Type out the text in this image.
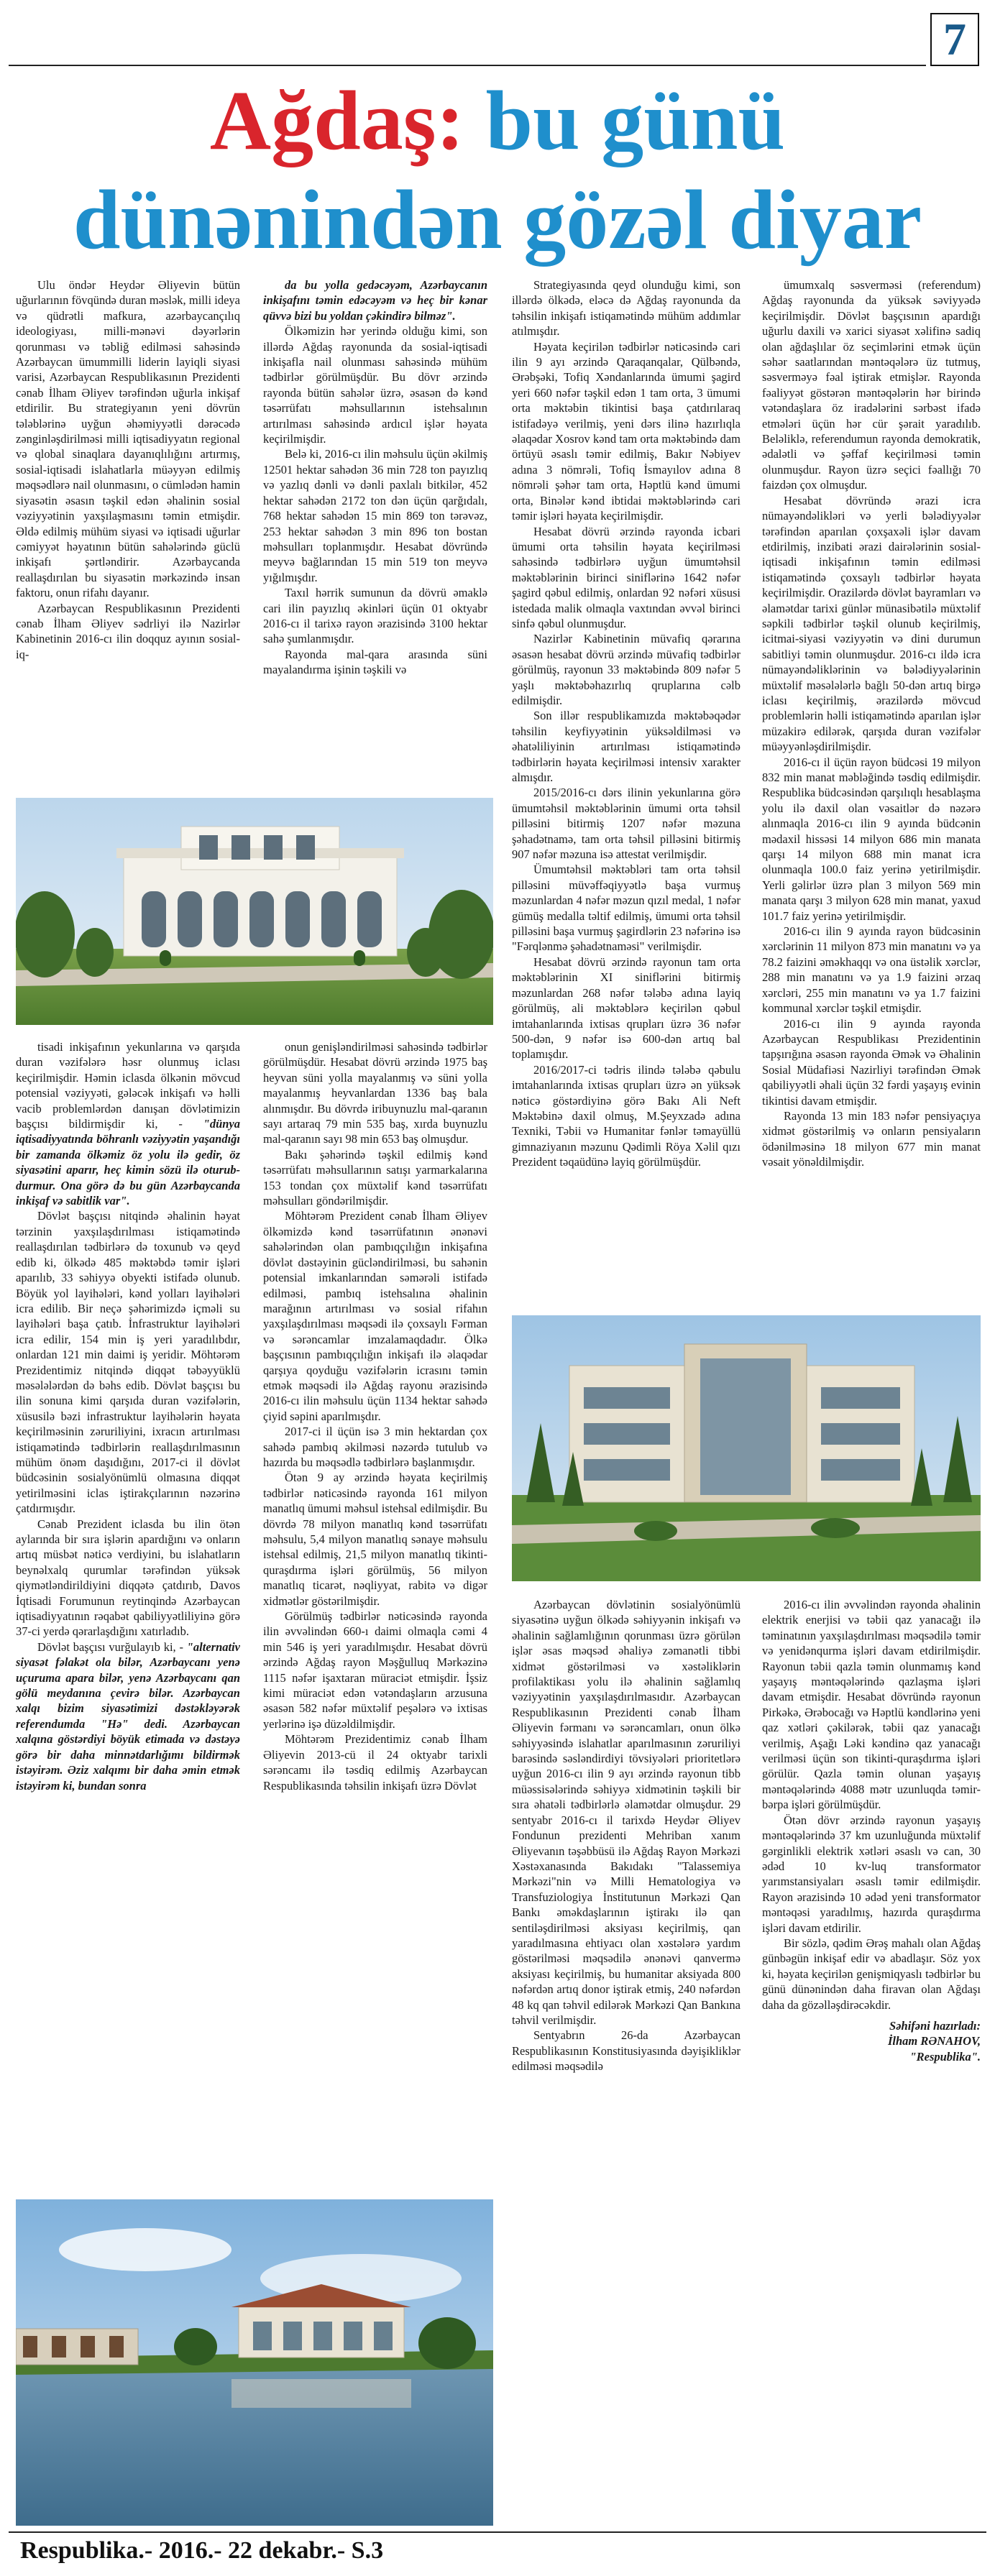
7
Ağdaş: bu günü
dünənindən gözəl diyar

Ulu öndər Heydər Əliyevin bütün uğurlarının fövqündə duran məslək, milli ideya və qüdrətli mafkura, azərbaycançılıq ideologiyası, milli-mənəvi dəyərlərin qorunması və təbliğ edilməsi sahəsində Azərbaycan ümummilli liderin layiqli siyasi varisi, Azərbaycan Respublikasının Prezidenti cənab İlham Əliyev tərəfindən uğurla inkişaf etdirilir. Bu strategiyanın yeni dövrün tələblərinə uyğun əhəmiyyətli dərəcədə zənginləşdirilməsi milli iqtisadiyyatın regional və qlobal sinaqlara dayanıqlılığını artırmış, sosial-iqtisadi islahatlarla müəyyən edilmiş məqsədlərə nail olunmasını, o cümlədən hamin siyasətin əsasın təşkil edən əhalinin sosial vəziyyətinin yaxşılaşmasını təmin etmişdir. Əldə edilmiş mühüm siyasi və iqtisadi uğurlar cəmiyyət həyatının bütün sahələrində güclü inkişafı şərtləndirir. Azərbaycanda reallaşdırılan bu siyasətin mərkəzində insan faktoru, onun rifahı dayanır.

Azərbaycan Respublikasının Prezidenti cənab İlham Əliyev sədrliyi ilə Nazirlər Kabinetinin 2016-cı ilin doqquz ayının sosial-iq-

da bu yolla gedəcəyəm, Azərbaycanın inkişafını təmin edəcəyəm və heç bir kənar qüvvə bizi bu yoldan çəkindirə bilməz".

Ölkəmizin hər yerində olduğu kimi, son illərdə Ağdaş rayonunda da sosial-iqtisadi inkişafla nail olunması sahəsində mühüm tədbirlər görülmüşdür. Bu dövr ərzində rayonda bütün sahələr üzrə, əsasən də kənd təsərrüfatı məhsullarının istehsalının artırılması sahəsində ardıcıl işlər həyata keçirilmişdir.

Belə ki, 2016-cı ilin məhsulu üçün əkilmiş 12501 hektar sahədən 36 min 728 ton payızlıq və yazlıq dənli və dənli paxlalı bitkilər, 452 hektar sahədən 2172 ton dən üçün qarğıdalı, 768 hektar sahədən 15 min 869 ton tərəvəz, 253 hektar sahədən 3 min 896 ton bostan məhsulları toplanmışdır. Hesabat dövründə meyvə bağlarından 15 min 519 ton meyvə yığılmışdır.

Taxıl hərrik sumunun da dövrü əmaklə cari ilin payızlıq əkinləri üçün 01 oktyabr 2016-cı il tarixə rayon ərazisində 3100 hektar sahə şumlanmışdır.

Rayonda mal-qara arasında süni mayalandırma işinin təşkili və

Strategiyasında qeyd olunduğu kimi, son illərdə ölkədə, eləcə də Ağdaş rayonunda da təhsilin inkişafı istiqamətində mühüm addımlar atılmışdır.

Həyata keçirilən tədbirlər nəticəsində cari ilin 9 ayı ərzində Qaraqanqalar, Qülbəndə, Ərəbşəki, Tofiq Xəndanlarında ümumi şagird yeri 660 nəfər təşkil edən 1 tam orta, 3 ümumi orta məktəbin tikintisi başa çatdırılaraq istifadəyə verilmiş, yeni dərs ilinə hazırlıqla əlaqədar Xosrov kənd tam orta məktəbində dam örtüyü əsaslı təmir edilmiş, Bakır Nəbiyev adına 3 nömrəli, Tofiq İsmayılov adına 8 nömrəli şəhər tam orta, Həptlü kənd ümumi orta, Binələr kənd ibtidai məktəblərində cari təmir işləri həyata keçirilmişdir.

Hesabat dövrü ərzində rayonda icbari ümumi orta təhsilin həyata keçirilməsi sahəsində tədbirlərə uyğun ümumtəhsil məktəblərinin birinci siniflərinə 1642 nəfər şagird qəbul edilmiş, onlardan 92 nəfəri xüsusi istedada malik olmaqla vaxtından əvvəl birinci sinfə qəbul olunmuşdur.

Nazirlər Kabinetinin müvafiq qərarına əsasən hesabat dövrü ərzində müvafiq tədbirlər görülmüş, rayonun 33 məktəbində 809 nəfər 5 yaşlı məktəbəhazırlıq qruplarına cəlb edilmişdir.

Son illər respublikamızda məktəbəqədər təhsilin keyfiyyətinin yüksəldilməsi və əhatəliliyinin artırılması istiqamətində tədbirlərin həyata keçirilməsi intensiv xarakter almışdır.

2015/2016-cı dərs ilinin yekunlarına görə ümumtəhsil məktəblərinin ümumi orta təhsil pilləsini bitirmiş 1207 nəfər məzuna şəhadətnamə, tam orta təhsil pilləsini bitirmiş 907 nəfər məzuna isə attestat verilmişdir.

Ümumtəhsil məktəbləri tam orta təhsil pilləsini müvəffəqiyyətlə başa vurmuş məzunlardan 4 nəfər məzun qızıl medal, 1 nəfər gümüş medalla təltif edilmiş, ümumi orta təhsil pilləsini başa vurmuş şagirdlərin 23 nəfərinə isə "Fərqlənmə şəhadətnaməsi" verilmişdir.

Hesabat dövrü ərzində rayonun tam orta məktəblərinin XI siniflərini bitirmiş məzunlardan 268 nəfər tələbə adına layiq görülmüş, ali məktəblərə keçirilən qəbul imtahanlarında ixtisas qrupları üzrə 36 nəfər 500-dən, 9 nəfər isə 600-dən artıq bal toplamışdır.

2016/2017-ci tədris ilində tələbə qəbulu imtahanlarında ixtisas qrupları üzrə ən yüksək nəticə göstərdiyinə görə Bakı Ali Neft Məktəbinə daxil olmuş, M.Şeyxzadə adına Texniki, Təbii və Humanitar fənlər təmayüllü gimnaziyanın məzunu Qədimli Röya Xəlil qızı Prezident təqaüdünə layiq görülmüşdür.

ümumxalq səsverməsi (referendum) Ağdaş rayonunda da yüksək səviyyədə keçirilmişdir. Dövlət başçısının apardığı uğurlu daxili və xarici siyasət xəlifinə sadiq olan ağdaşlılar öz seçimlərini etmək üçün səhər saatlarından məntəqələrə üz tutmuş, səsverməyə fəal iştirak etmişlər. Rayonda fəaliyyət göstərən məntəqələrin hər birində vətəndaşlara öz iradələrini sərbəst ifadə etmələri üçün hər cür şərait yaradılıb. Beləliklə, referendumun rayonda demokratik, ədalətli və şəffaf keçirilməsi təmin olunmuşdur. Rayon üzrə seçici fəallığı 70 faizdən çox olmuşdur.

Hesabat dövründə ərazi icra nümayəndəlikləri və yerli bələdiyyələr tərəfindən aparılan çoxşaxəli işlər davam etdirilmiş, inzibati ərazi dairələrinin sosial-iqtisadi inkişafının təmin edilməsi istiqamətində çoxsaylı tədbirlər həyata keçirilmişdir. Orazilərdə dövlət bayramları və əlamətdar tarixi günlər münasibətilə müxtəlif səpkili tədbirlər təşkil olunub keçirilmiş, icitmai-siyasi vəziyyətin və dini durumun sabitliyi təmin olunmuşdur. 2016-cı ildə icra nümayəndəliklərinin və bələdiyyələrinin müxtəlif məsələlərlə bağlı 50-dən artıq birgə iclası keçirilmiş, ərazilərdə mövcud problemlərin həlli istiqamətində aparılan işlər müzakirə edilərək, qarşıda duran vəzifələr müəyyənləşdirilmişdir.

2016-cı il üçün rayon büdcəsi 19 milyon 832 min manat məbləğində təsdiq edilmişdir. Respublika büdcəsindən qarşılıqlı hesablaşma yolu ilə daxil olan vəsaitlər də nəzərə alınmaqla 2016-cı ilin 9 ayında büdcənin mədaxil hissəsi 14 milyon 686 min manata qarşı 14 milyon 688 min manat icra olunmaqla 100.0 faiz yerinə yetirilmişdir. Yerli gəlirlər üzrə plan 3 milyon 569 min manata qarşı 3 milyon 628 min manat, yaxud 101.7 faiz yerinə yetirilmişdir.

2016-cı ilin 9 ayında rayon büdcəsinin xərclərinin 11 milyon 873 min manatını və ya 78.2 faizini əməkhaqqı və ona üstəlik xərclər, 288 min manatını və ya 1.9 faizini ərzaq xərcləri, 255 min manatını və ya 1.7 faizini kommunal xərclər təşkil etmişdir.

2016-cı ilin 9 ayında rayonda Azərbaycan Respublikası Prezidentinin tapşırığına əsasən rayonda Əmək və Əhalinin Sosial Müdafiəsi Nazirliyi tərəfindən Əmək qabiliyyətli əhali üçün 32 fərdi yaşayış evinin tikintisi davam etmişdir.

Rayonda 13 min 183 nəfər pensiyaçıya xidmət göstərilmiş və onların pensiyaların ödənilməsinə 18 milyon 677 min manat vəsait yönəldilmişdir.

tisadi inkişafının yekunlarına və qarşıda duran vəzifələrə həsr olunmuş iclası keçirilmişdir. Həmin iclasda ölkənin mövcud potensial vəziyyəti, gələcək inkişafı və həlli vacib problemlərdən danışan dövlətimizin başçısı bildirmişdir ki, - "dünya iqtisadiyyatında böhranlı vəziyyətin yaşandığı bir zamanda ölkəmiz öz yolu ilə gedir, öz siyasətini aparır, heç kimin sözü ilə oturub-durmur. Ona görə də bu gün Azərbaycanda inkişaf və sabitlik var".

Dövlət başçısı nitqində əhalinin həyat tərzinin yaxşılaşdırılması istiqamətində reallaşdırılan tədbirlərə də toxunub və qeyd edib ki, ölkədə 485 məktəbdə təmir işləri aparılıb, 33 səhiyyə obyekti istifadə olunub. Böyük yol layihələri, kənd yolları layihələri icra edilib. Bir neçə şəhərimizdə içməli su layihələri başa çatıb. İnfrastruktur layihələri icra edilir, 154 min iş yeri yaradılıbdır, onlardan 121 min daimi iş yeridir. Möhtərəm Prezidentimiz nitqində diqqət təbəyyüklü məsələlərdən də bəhs edib. Dövlət başçısı bu ilin sonuna kimi qarşıda duran vəzifələrin, xüsusilə bəzi infrastruktur layihələrin həyata keçirilməsinin zəruriliyini, ixracın artırılması istiqamətində tədbirlərin reallaşdırılmasının mühüm önəm daşıdığını, 2017-ci il dövlət büdcəsinin sosialyönümlü olmasına diqqət yetirilməsini iclas iştirakçılarının nəzərinə çatdırmışdır.

Cənab Prezident iclasda bu ilin ötən aylarında bir sıra işlərin apardığını və onların artıq müsbət nəticə verdiyini, bu islahatların beynəlxalq qurumlar tərəfindən yüksək qiymətləndirildiyini diqqətə çatdırıb, Davos İqtisadi Forumunun reytinqində Azərbaycan iqtisadiyyatının rəqabət qabiliyyətliliyinə görə 37-ci yerdə qərarlaşdığını xatırladıb.

Dövlət başçısı vurğulayıb ki, - "alternativ siyasət fəlakət ola bilər, Azərbaycanı yenə uçuruma apara bilər, yenə Azərbaycanı qan gölü meydanına çevirə bilər. Azərbaycan xalqı bizim siyasətimizi dəstəkləyərək referendumda "Hə" dedi. Azərbaycan xalqına göstərdiyi böyük etimada və dəstəyə görə bir daha minnətdarlığımı bildirmək istəyirəm. Əziz xalqımı bir daha əmin etmək istəyirəm ki, bundan sonra

onun genişləndirilməsi sahəsində tədbirlər görülmüşdür. Hesabat dövrü ərzində 1975 baş heyvan süni yolla mayalanmış və süni yolla mayalanmış heyvanlardan 1336 baş bala alınmışdır. Bu dövrdə iribuynuzlu mal-qaranın sayı artaraq 79 min 535 baş, xırda buynuzlu mal-qaranın sayı 98 min 653 baş olmuşdur.

Bakı şəhərində təşkil edilmiş kənd təsərrüfatı məhsullarının satışı yarmarkalarına 153 tondan çox müxtəlif kənd təsərrüfatı məhsulları göndərilmişdir.

Möhtərəm Prezident cənab İlham Əliyev ölkəmizdə kənd təsərrüfatının ənənəvi sahələrindən olan pambıqçılığın inkişafına dövlət dəstəyinin gücləndirilməsi, bu sahənin potensial imkanlarından səmərəli istifadə edilməsi, pambıq istehsalına əhalinin marağının artırılması və sosial rifahın yaxşılaşdırılması məqsədi ilə çoxsaylı Fərman və sərəncamlar imzalamaqdadır. Ölkə başçısının pambıqçılığın inkişafı ilə əlaqədar qarşıya qoyduğu vəzifələrin icrasını təmin etmək məqsədi ilə Ağdaş rayonu ərazisində 2016-cı ilin məhsulu üçün 1134 hektar sahədə çiyid səpini aparılmışdır.

2017-ci il üçün isə 3 min hektardan çox sahədə pambıq əkilməsi nəzərdə tutulub və hazırda bu məqsədlə tədbirlərə başlanmışdır.

Ötən 9 ay ərzində həyata keçirilmiş tədbirlər nəticəsində rayonda 161 milyon manatlıq ümumi məhsul istehsal edilmişdir. Bu dövrdə 78 milyon manatlıq kənd təsərrüfatı məhsulu, 5,4 milyon manatlıq sənaye məhsulu istehsal edilmiş, 21,5 milyon manatlıq tikinti-quraşdırma işləri görülmüş, 56 milyon manatlıq ticarət, nəqliyyat, rabitə və digər xidmətlər göstərilmişdir.

Görülmüş tədbirlər nəticəsində rayonda ilin əvvəlindən 660-ı daimi olmaqla cəmi 4 min 546 iş yeri yaradılmışdır. Hesabat dövrü ərzində Ağdaş rayon Məşğulluq Mərkəzinə 1115 nəfər işaxtaran müraciət etmişdir. İşsiz kimi müraciət edən vətəndaşların arzusuna əsasən 582 nəfər müxtəlif peşələrə və ixtisas yerlərinə işə düzəldilmişdir.

Möhtərəm Prezidentimiz cənab İlham Əliyevin 2013-cü il 24 oktyabr tarixli sərəncamı ilə təsdiq edilmiş Azərbaycan Respublikasında təhsilin inkişafı üzrə Dövlət

Azərbaycan dövlətinin sosialyönümlü siyasətinə uyğun ölkədə səhiyyənin inkişafı və əhalinin sağlamlığının qorunması üzrə görülən işlər əsas məqsəd əhaliyə zəmanətli tibbi xidmət göstərilməsi və xəstəliklərin profilaktikası yolu ilə əhalinin sağlamlıq vəziyyətinin yaxşılaşdırılmasıdır. Azərbaycan Respublikasının Prezidenti cənab İlham Əliyevin fərmanı və sərəncamları, onun ölkə səhiyyəsində islahatlar aparılmasının zəruriliyi barəsində səsləndirdiyi tövsiyələri prioritetlərə uyğun 2016-cı ilin 9 ayı ərzində rayonun tibb müəssisələrində səhiyyə xidmətinin təşkili bir sıra əhatəli tədbirlərlə əlamətdar olmuşdur. 29 sentyabr 2016-cı il tarixdə Heydər Əliyev Fondunun prezidenti Mehriban xanım Əliyevanın təşəbbüsü ilə Ağdaş Rayon Mərkəzi Xəstəxanasında Bakıdakı "Talassemiya Mərkəzi"nin və Milli Hematologiya və Transfuziologiya İnstitutunun Mərkəzi Qan Bankı əməkdaşlarının iştirakı ilə qan sentiləşdirilməsi aksiyası keçirilmiş, qan yaradılmasına ehtiyacı olan xəstələrə yardım göstərilməsi məqsədilə ənənəvi qanvermə aksiyası keçirilmiş, bu humanitar aksiyada 800 nəfərdən artıq donor iştirak etmiş, 240 nəfərdən 48 kq qan təhvil edilərək Mərkəzi Qan Bankına təhvil verilmişdir.

Sentyabrın 26-da Azərbaycan Respublikasının Konstitusiyasında dəyişikliklər edilməsi məqsədilə

2016-cı ilin əvvəlindən rayonda əhalinin elektrik enerjisi və təbii qaz yanacağı ilə təminatının yaxşılaşdırılması məqsədilə təmir və yenidənqurma işləri davam etdirilmişdir. Rayonun təbii qazla təmin olunmamış kənd yaşayış məntəqələrində qazlaşma işləri davam etmişdir. Hesabat dövründə rayonun Pirkəkə, Ərəbocağı və Həptlü kəndlərinə yeni qaz xətləri çəkilərək, təbii qaz yanacağı verilmiş, Aşağı Ləki kəndinə qaz yanacağı verilməsi üçün son tikinti-quraşdırma işləri görülür. Qazla təmin olunan yaşayış məntəqələrində 4088 mətr uzunluqda təmir-bərpa işləri görülmüşdür.

Ötən dövr ərzində rayonun yaşayış məntəqələrində 37 km uzunluğunda müxtəlif gərginlikli elektrik xətləri əsaslı və can, 30 ədəd 10 kv-luq transformator yarımstansiyaları əsaslı təmir edilmişdir. Rayon ərazisində 10 ədəd yeni transformator məntəqəsi yaradılmış, hazırda quraşdırma işləri davam etdirilir.

Bir sözlə, qədim Ərəş mahalı olan Ağdaş günbəgün inkişaf edir və abadlaşır. Söz yox ki, həyata keçirilən genişmiqyaslı tədbirlər bu günü dünənindən daha firavan olan Ağdaşı daha da gözəlləşdirəcəkdir.

Səhifəni hazırladı:

İlham RƏNAHOV,

"Respublika".

Respublika.- 2016.- 22 dekabr.- S.3
